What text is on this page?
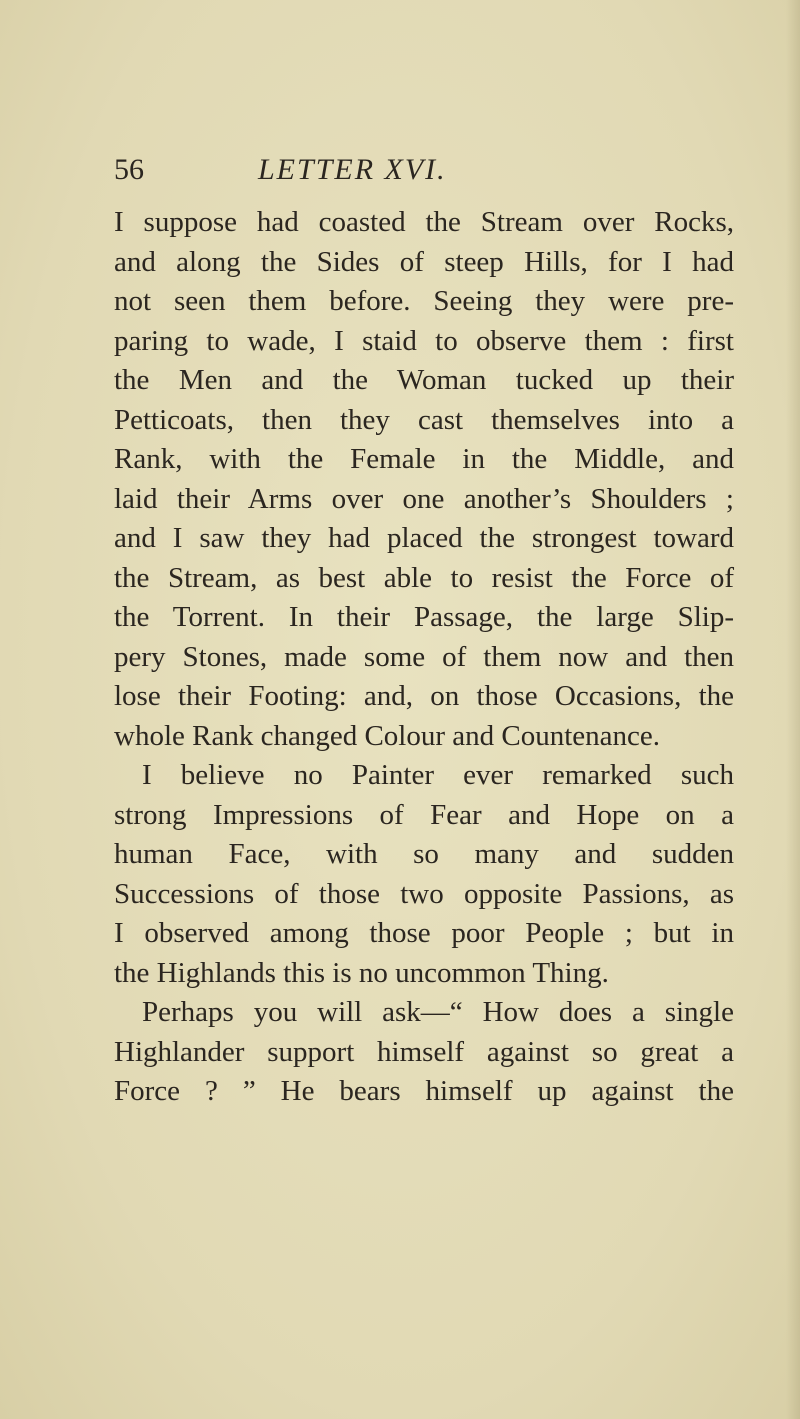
56	LETTER XVI.
I suppose had coasted the Stream over Rocks,
and along the Sides of steep Hills, for I had
not seen them before. Seeing they were pre-
paring to wade, I staid to observe them : first
the Men and the Woman tucked up their
Petticoats, then they cast themselves into a
Rank, with the Female in the Middle, and
laid their Arms over one another’s Shoulders ;
and I saw they had placed the strongest toward
the Stream, as best able to resist the Force of
the Torrent. In their Passage, the large Slip-
pery Stones, made some of them now and then
lose their Footing: and, on those Occasions, the
whole Rank changed Colour and Countenance.
I believe no Painter ever remarked such
strong Impressions of Fear and Hope on a
human Face, with so many and sudden
Successions of those two opposite Passions, as
I observed among those poor People ; but in
the Highlands this is no uncommon Thing.
Perhaps you will ask—“ How does a single
Highlander support himself against so great a
Force ? ” He bears himself up against the
